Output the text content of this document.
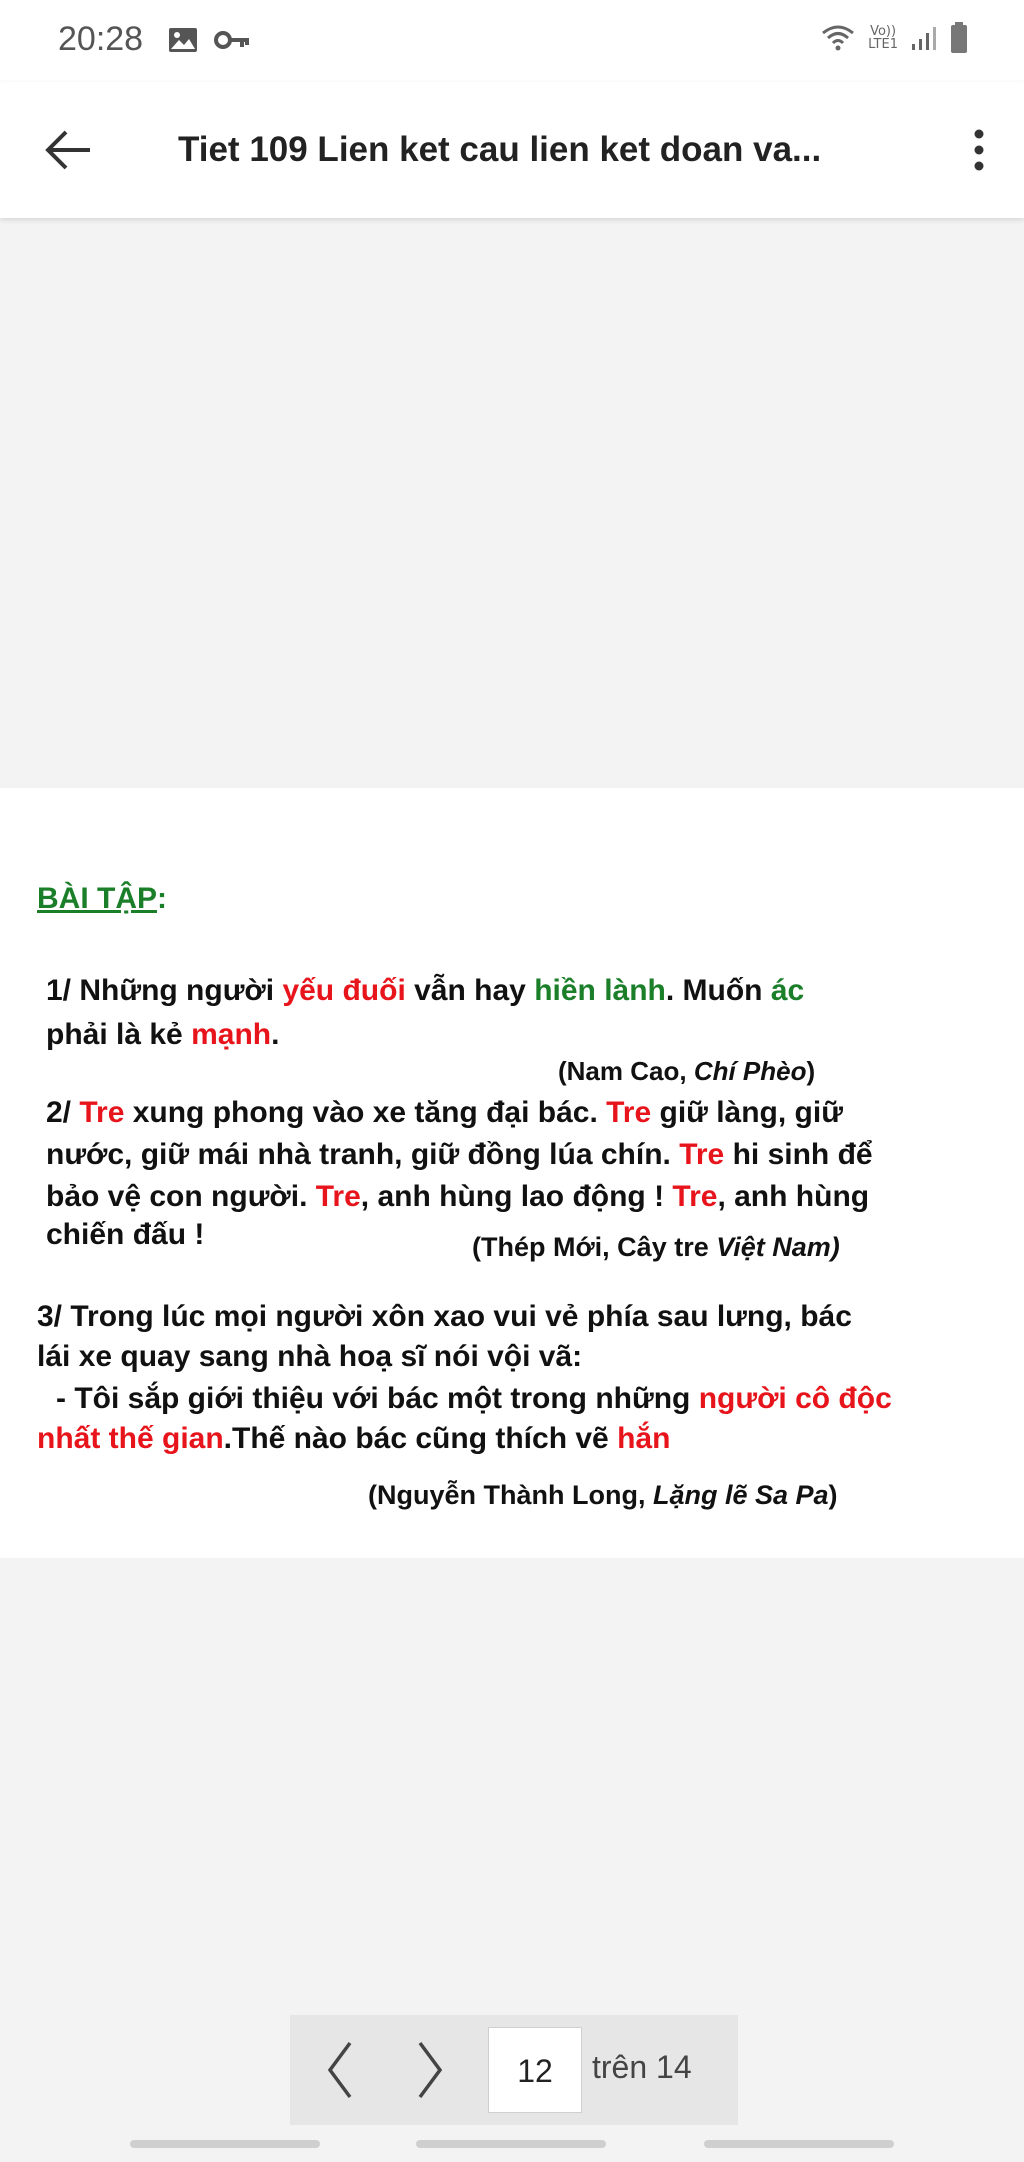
20:28	Vo))
LTE1
Tiet 109 Lien ket cau lien ket doan va...
BÀI TẬP:
1/ Những người yếu đuối vẫn hay hiền lành. Muốn ác
phải là kẻ mạnh.
(Nam Cao, Chí Phèo)
2/ Tre xung phong vào xe tăng đại bác. Tre giữ làng, giữ
nước, giữ mái nhà tranh, giữ đồng lúa chín. Tre hi sinh để
bảo vệ con người. Tre, anh hùng lao động ! Tre, anh hùng
chiến đấu !	(Thép Mới, Cây tre Việt Nam)
3/ Trong lúc mọi người xôn xao vui vẻ phía sau lưng, bác
lái xe quay sang nhà hoạ sĩ nói vội vã:
- Tôi sắp giới thiệu với bác một trong những người cô độc
nhất thế gian.Thế nào bác cũng thích vẽ hắn
(Nguyễn Thành Long, Lặng lẽ Sa Pa)
12	trên 14
